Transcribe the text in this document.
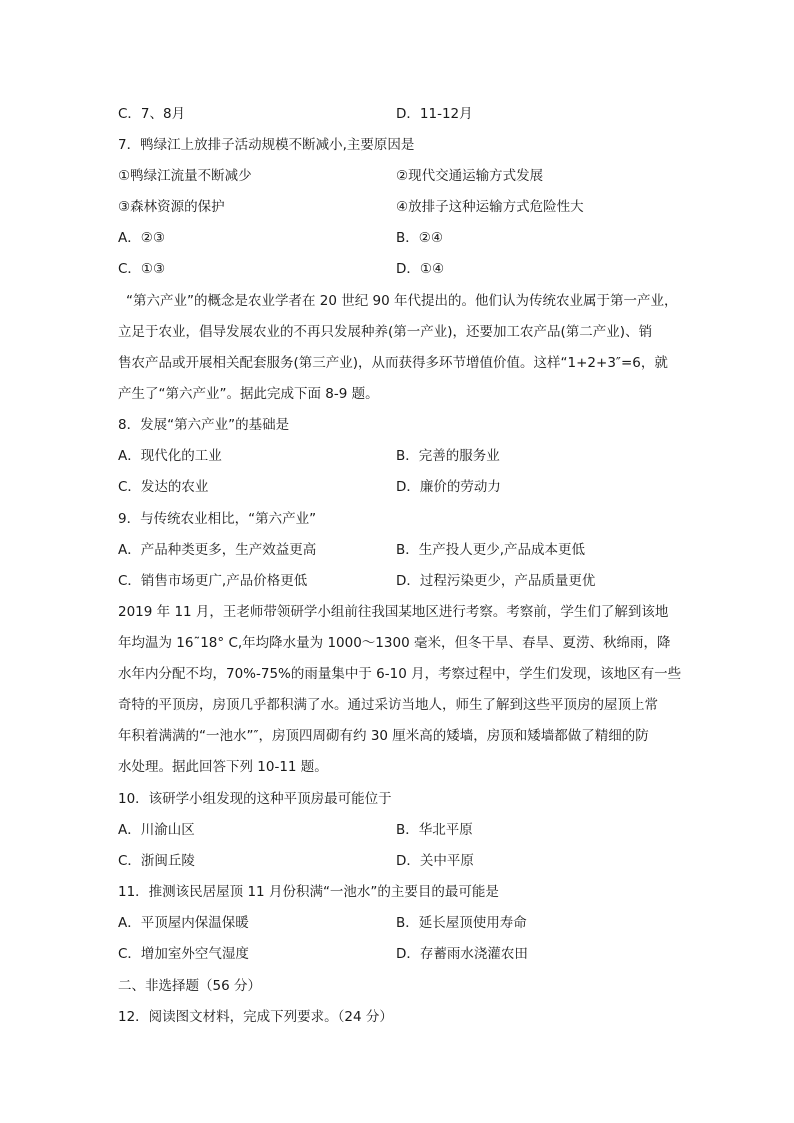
C．7、8月	D．11-12月
7．鸭绿江上放排子活动规模不断减小,主要原因是
①鸭绿江流量不断减少	②现代交通运输方式发展
③森林资源的保护	④放排子这种运输方式危险性大
A．②③	B．②④
C．①③	D．①④
“第六产业”的概念是农业学者在 20 世纪 90 年代提出的。他们认为传统农业属于第一产业，
立足于农业，倡导发展农业的不再只发展种养(第一产业)，还要加工农产品(第二产业)、销
售农产品或开展相关配套服务(第三产业)，从而获得多环节增值价值。这样“1+2+3″=6，就
产生了“第六产业”。据此完成下面 8-9 题。
8．发展“第六产业”的基础是
A．现代化的工业	B．完善的服务业
C．发达的农业	D．廉价的劳动力
9．与传统农业相比，“第六产业”
A．产品种类更多，生产效益更高	B．生产投人更少,产品成本更低
C．销售市场更广,产品价格更低	D．过程污染更少，产品质量更优
2019 年 11 月，王老师带领研学小组前往我国某地区进行考察。考察前，学生们了解到该地
年均温为 16˜18° C,年均降水量为 1000～1300 毫米，但冬干旱、春旱、夏涝、秋绵雨，降
水年内分配不均，70%-75%的雨量集中于 6-10 月，考察过程中，学生们发现，该地区有一些
奇特的平顶房，房顶几乎都积满了水。通过采访当地人，师生了解到这些平顶房的屋顶上常
年积着满满的“一池水”″，房顶四周砌有约 30 厘米高的矮墙，房顶和矮墙都做了精细的防
水处理。据此回答下列 10-11 题。
10．该研学小组发现的这种平顶房最可能位于
A．川渝山区	B．华北平原
C．浙闽丘陵	D．关中平原
11．推测该民居屋顶 11 月份积满“一池水”的主要目的最可能是
A．平顶屋内保温保暖	B．延长屋顶使用寿命
C．增加室外空气湿度	D．存蓄雨水浇灌农田
二、非选择题（56 分）
12．阅读图文材料，完成下列要求。（24 分）
